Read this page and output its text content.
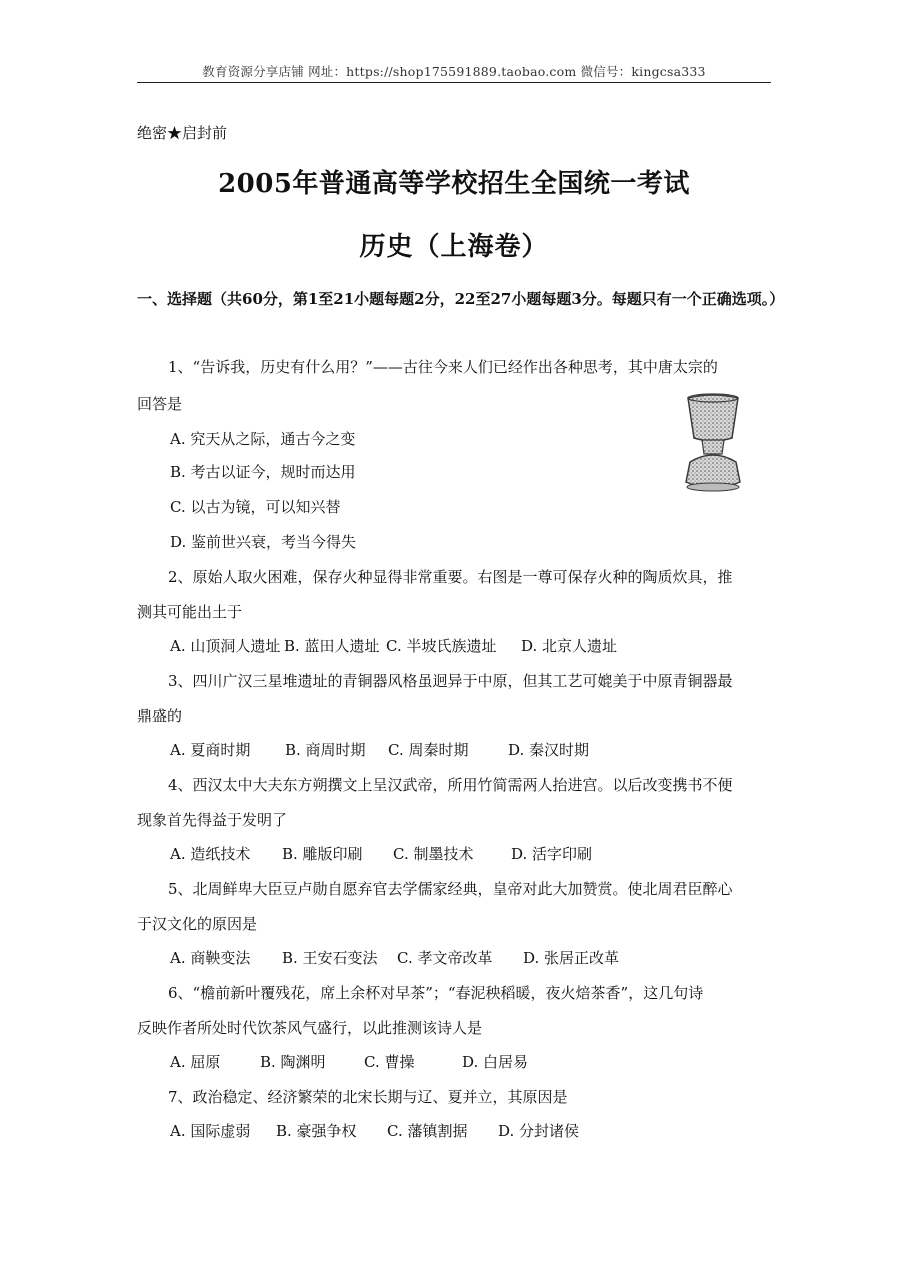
教育资源分享店铺 网址：https://shop175591889.taobao.com 微信号：kingcsa333
绝密★启封前
2005年普通高等学校招生全国统一考试
历史（上海卷）
一、选择题（共60分，第1至21小题每题2分，22至27小题每题3分。每题只有一个正确选项。）
1、“告诉我，历史有什么用？”——古往今来人们已经作出各种思考，其中唐太宗的
回答是
A. 究天从之际，通古今之变
B. 考古以证今，规时而达用
C. 以古为镜，可以知兴替
D. 鉴前世兴衰，考当今得失
2、原始人取火困难，保存火种显得非常重要。右图是一尊可保存火种的陶质炊具，推
测其可能出土于
A. 山顶洞人遗址 B. 蓝田人遗址 C. 半坡氏族遗址	D. 北京人遗址
3、四川广汉三星堆遗址的青铜器风格虽迥异于中原，但其工艺可媲美于中原青铜器最
鼎盛的
A. 夏商时期	B. 商周时期	C. 周秦时期	D. 秦汉时期
4、西汉太中大夫东方朔撰文上呈汉武帝，所用竹简需两人抬进宫。以后改变携书不便
现象首先得益于发明了
A. 造纸技术	B. 雕版印刷	C. 制墨技术	D. 活字印刷
5、北周鲜卑大臣豆卢勋自愿弃官去学儒家经典，皇帝对此大加赞赏。使北周君臣醉心
于汉文化的原因是
A. 商鞅变法	B. 王安石变法	C. 孝文帝改革	D. 张居正改革
6、“檐前新叶覆残花，席上余杯对早茶”；“春泥秧稻暖，夜火焙茶香”，这几句诗
反映作者所处时代饮茶风气盛行，以此推测该诗人是
A. 屈原	B. 陶渊明	C. 曹操	D. 白居易
7、政治稳定、经济繁荣的北宋长期与辽、夏并立，其原因是
A. 国际虚弱	B. 豪强争权	C. 藩镇割据	D. 分封诸侯
